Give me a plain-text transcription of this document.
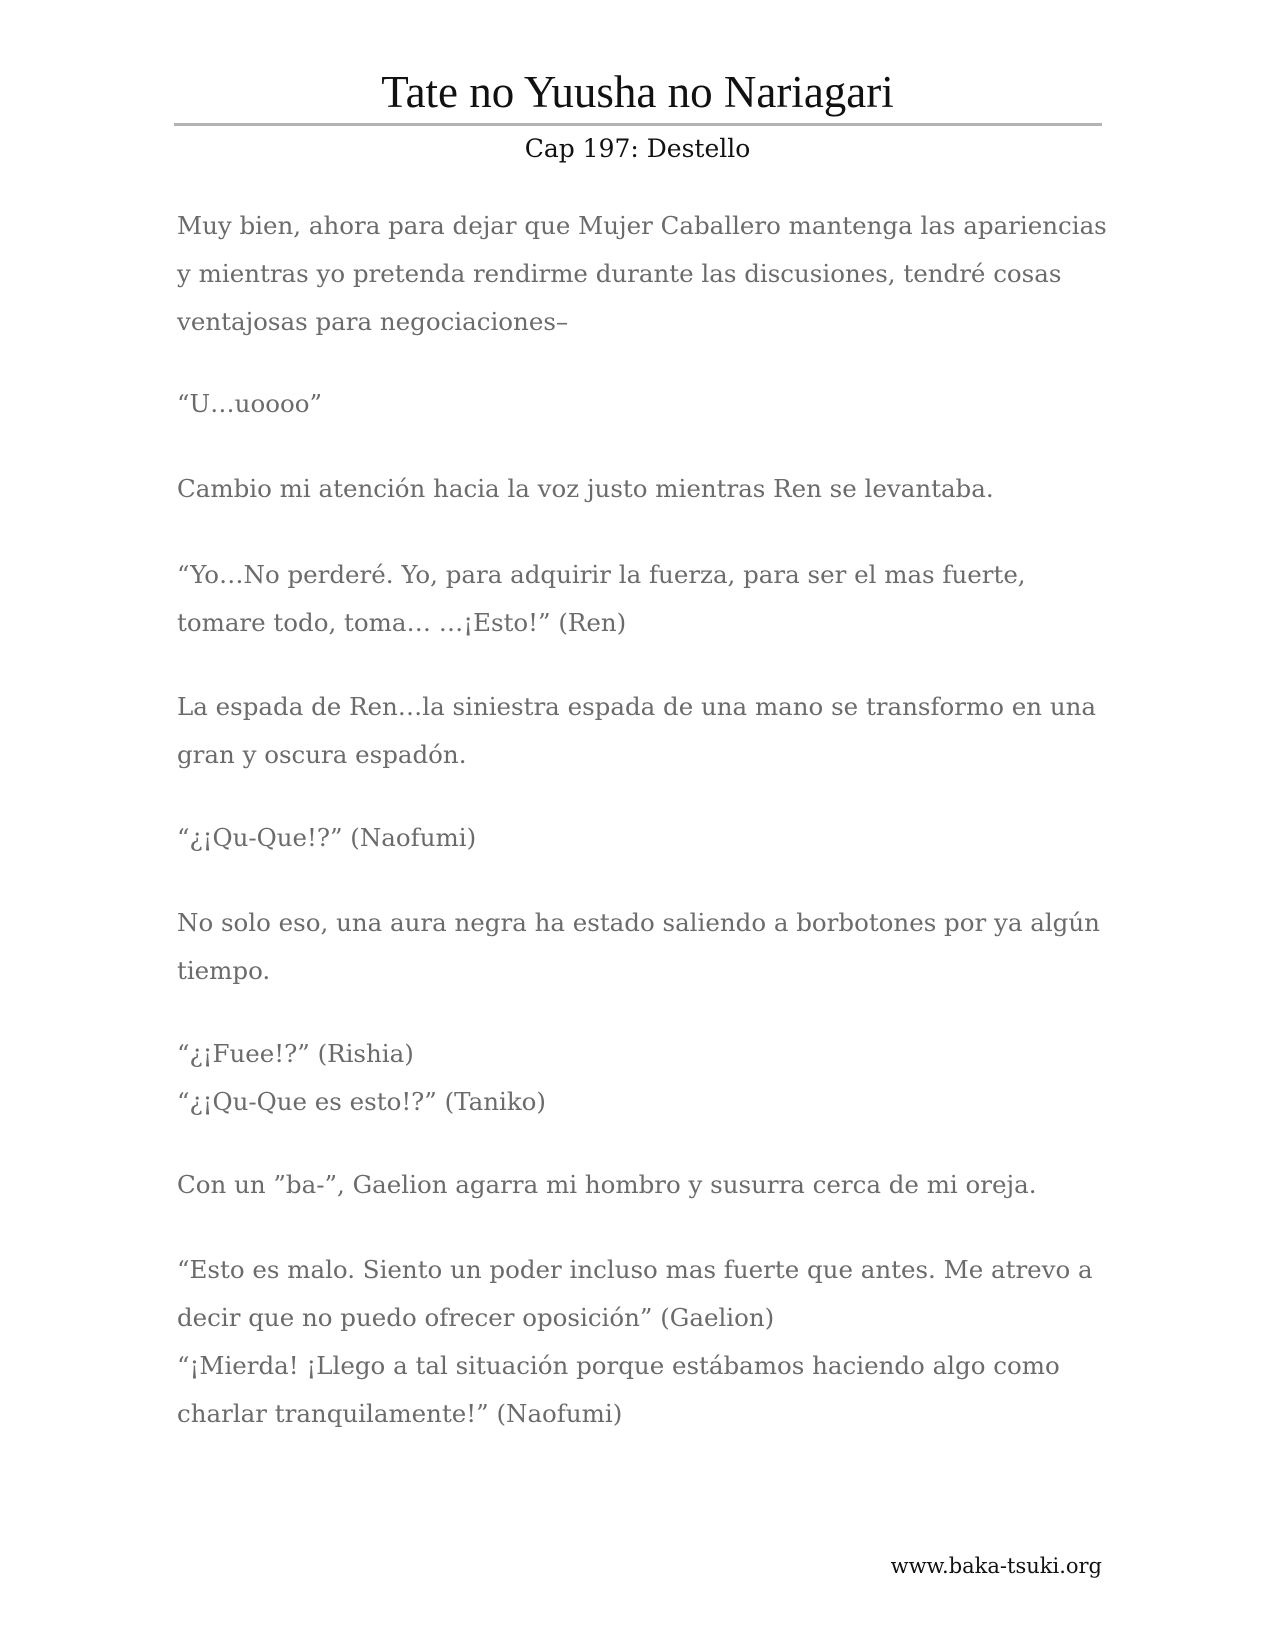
Tate no Yuusha no Nariagari
Cap 197: Destello
Muy bien, ahora para dejar que Mujer Caballero mantenga las apariencias
y mientras yo pretenda rendirme durante las discusiones, tendré cosas
ventajosas para negociaciones–
“U…uoooo”
Cambio mi atención hacia la voz justo mientras Ren se levantaba.
“Yo…No perderé. Yo, para adquirir la fuerza, para ser el mas fuerte,
tomare todo, toma… …¡Esto!” (Ren)
La espada de Ren…la siniestra espada de una mano se transformo en una
gran y oscura espadón.
“¿¡Qu-Que!?” (Naofumi)
No solo eso, una aura negra ha estado saliendo a borbotones por ya algún
tiempo.
“¿¡Fuee!?” (Rishia)
“¿¡Qu-Que es esto!?” (Taniko)
Con un ”ba-”, Gaelion agarra mi hombro y susurra cerca de mi oreja.
“Esto es malo. Siento un poder incluso mas fuerte que antes. Me atrevo a
decir que no puedo ofrecer oposición” (Gaelion)
“¡Mierda! ¡Llego a tal situación porque estábamos haciendo algo como
charlar tranquilamente!” (Naofumi)
www.baka-tsuki.org
